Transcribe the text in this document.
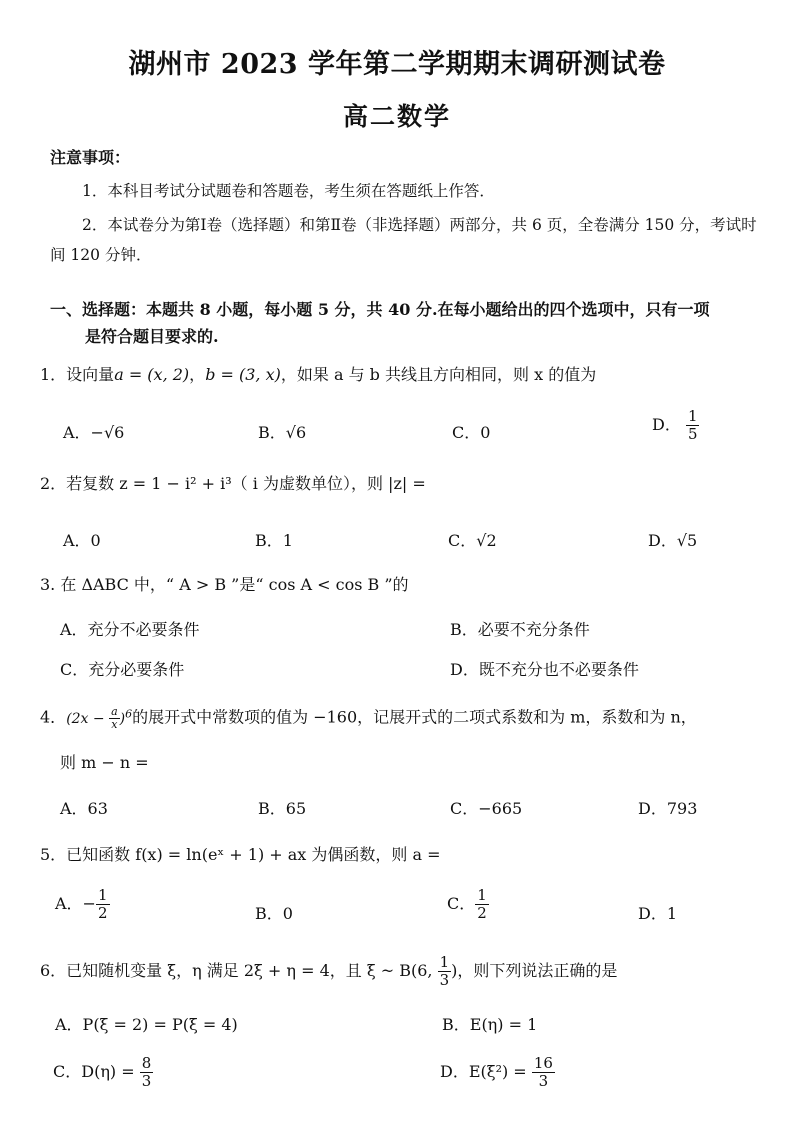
湖州市 2023 学年第二学期期末调研测试卷
高二数学
注意事项：
1．本科目考试分试题卷和答题卷，考生须在答题纸上作答．
2．本试卷分为第Ⅰ卷（选择题）和第Ⅱ卷（非选择题）两部分，共 6 页，全卷满分 150 分，考试时间 120 分钟．
一、选择题：本题共 8 小题，每小题 5 分，共 40 分.在每小题给出的四个选项中，只有一项
是符合题目要求的.
1．设向量a = (x, 2)，b = (3, x)，如果 a 与 b 共线且方向相同，则 x 的值为
A．−√6	B．√6	C．0	D． $\frac{1}{5}$
2．若复数 z = 1 − i² + i³（ i 为虚数单位），则 |z| =
A．0	B．1	C．√2	D．√5
3. 在 ΔABC 中，“ A > B ”是“ cos A < cos B ”的
A．充分不必要条件	B．必要不充分条件
C．充分必要条件	D．既不充分也不必要条件
4．$(2x - \frac{a}{x} )^6$的展开式中常数项的值为 −160，记展开式的二项式系数和为 m，系数和为 n，
则 m − n =
A．63	B．65	C．−665	D．793
5．已知函数 f(x) = ln(eˣ + 1) + ax 为偶函数，则 a =
A．− $\frac{1}{2}$	B．0
C． $\frac{1}{2}$	D．1
6．已知随机变量 ξ，η 满足 2ξ + η = 4，且 ξ ~ B(6, $\frac{1}{3}$ )，则下列说法正确的是
A．P(ξ = 2) = P(ξ = 4)	B．E(η) = 1
C．$D(\eta) = \frac{8}{3}$	D．$E(\xi^2) = \frac{16}{3}$
